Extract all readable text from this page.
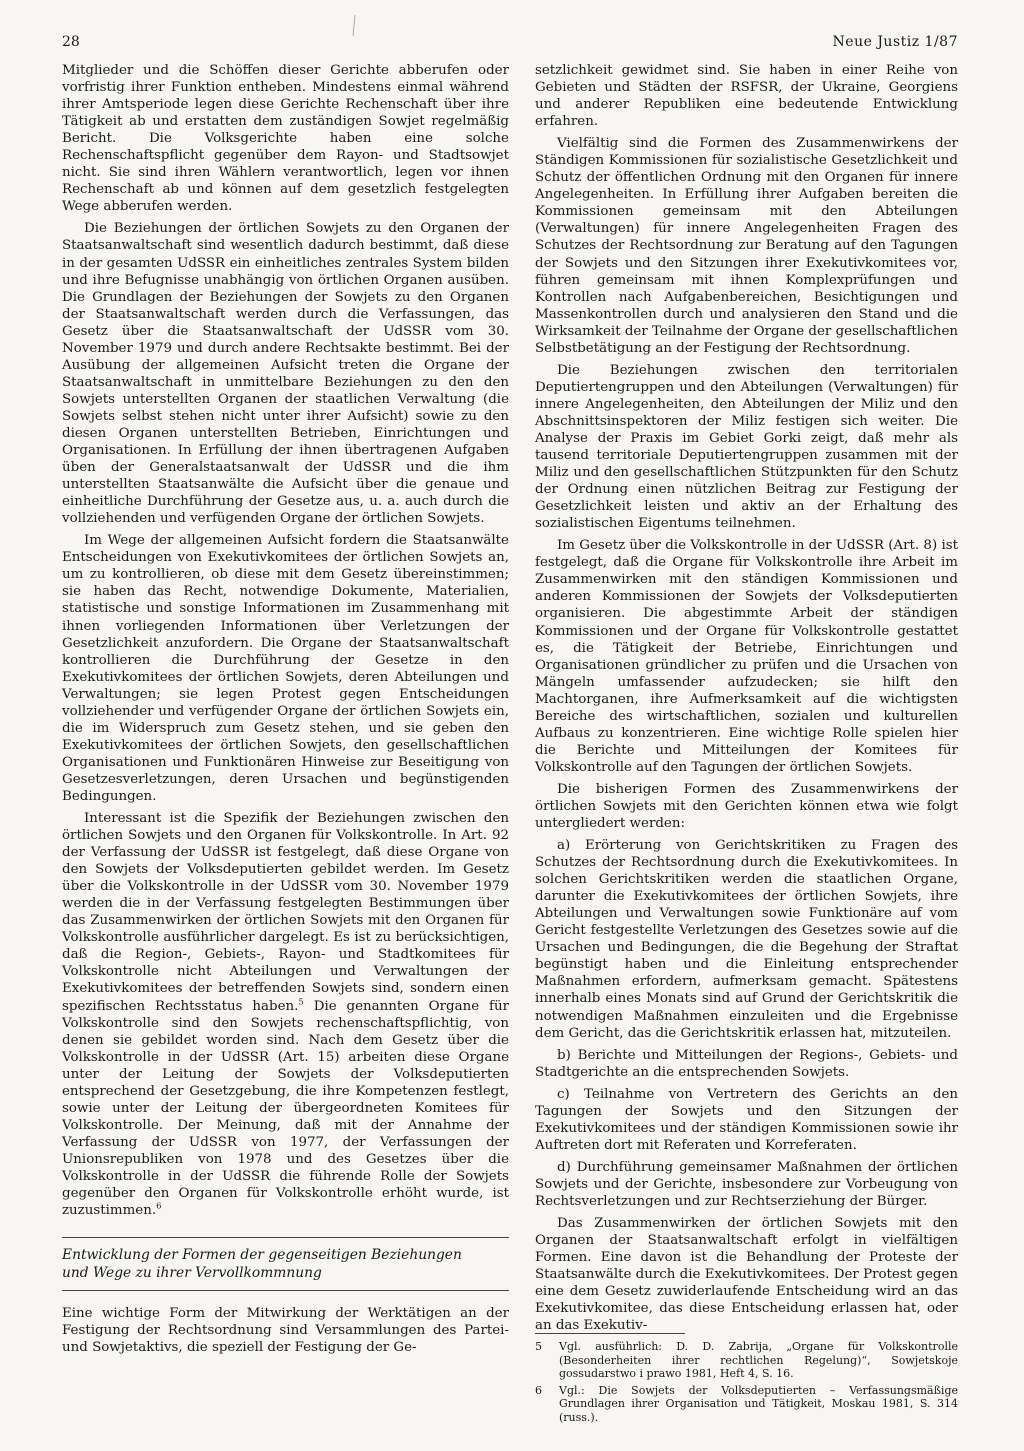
28	Neue Justiz 1/87

Mitglieder und die Schöffen dieser Gerichte abberufen oder vorfristig ihrer Funktion entheben. Mindestens einmal während ihrer Amtsperiode legen diese Gerichte Rechenschaft über ihre Tätigkeit ab und erstatten dem zuständigen Sowjet regelmäßig Bericht. Die Volksgerichte haben eine solche Rechenschaftspflicht gegenüber dem Rayon- und Stadtsowjet nicht. Sie sind ihren Wählern verantwortlich, legen vor ihnen Rechenschaft ab und können auf dem gesetzlich festgelegten Wege abberufen werden.

Die Beziehungen der örtlichen Sowjets zu den Organen der Staatsanwaltschaft sind wesentlich dadurch bestimmt, daß diese in der gesamten UdSSR ein einheitliches zentrales System bilden und ihre Befugnisse unabhängig von örtlichen Organen ausüben. Die Grundlagen der Beziehungen der Sowjets zu den Organen der Staatsanwaltschaft werden durch die Verfassungen, das Gesetz über die Staatsanwaltschaft der UdSSR vom 30. November 1979 und durch andere Rechtsakte bestimmt. Bei der Ausübung der allgemeinen Aufsicht treten die Organe der Staatsanwaltschaft in unmittelbare Beziehungen zu den den Sowjets unterstellten Organen der staatlichen Verwaltung (die Sowjets selbst stehen nicht unter ihrer Aufsicht) sowie zu den diesen Organen unterstellten Betrieben, Einrichtungen und Organisationen. In Erfüllung der ihnen übertragenen Aufgaben üben der Generalstaatsanwalt der UdSSR und die ihm unterstellten Staatsanwälte die Aufsicht über die genaue und einheitliche Durchführung der Gesetze aus, u. a. auch durch die vollziehenden und verfügenden Organe der örtlichen Sowjets.

Im Wege der allgemeinen Aufsicht fordern die Staatsanwälte Entscheidungen von Exekutivkomitees der örtlichen Sowjets an, um zu kontrollieren, ob diese mit dem Gesetz übereinstimmen; sie haben das Recht, notwendige Dokumente, Materialien, statistische und sonstige Informationen im Zusammenhang mit ihnen vorliegenden Informationen über Verletzungen der Gesetzlichkeit anzufordern. Die Organe der Staatsanwaltschaft kontrollieren die Durchführung der Gesetze in den Exekutivkomitees der örtlichen Sowjets, deren Abteilungen und Verwaltungen; sie legen Protest gegen Entscheidungen vollziehender und verfügender Organe der örtlichen Sowjets ein, die im Widerspruch zum Gesetz stehen, und sie geben den Exekutivkomitees der örtlichen Sowjets, den gesellschaftlichen Organisationen und Funktionären Hinweise zur Beseitigung von Gesetzesverletzungen, deren Ursachen und begünstigenden Bedingungen.

Interessant ist die Spezifik der Beziehungen zwischen den örtlichen Sowjets und den Organen für Volkskontrolle. In Art. 92 der Verfassung der UdSSR ist festgelegt, daß diese Organe von den Sowjets der Volksdeputierten gebildet werden. Im Gesetz über die Volkskontrolle in der UdSSR vom 30. November 1979 werden die in der Verfassung festgelegten Bestimmungen über das Zusammenwirken der örtlichen Sowjets mit den Organen für Volkskontrolle ausführlicher dargelegt. Es ist zu berücksichtigen, daß die Region-, Gebiets-, Rayon- und Stadtkomitees für Volkskontrolle nicht Abteilungen und Verwaltungen der Exekutivkomitees der betreffenden Sowjets sind, sondern einen spezifischen Rechtsstatus haben.$^5$ Die genannten Organe für Volkskontrolle sind den Sowjets rechenschaftspflichtig, von denen sie gebildet worden sind. Nach dem Gesetz über die Volkskontrolle in der UdSSR (Art. 15) arbeiten diese Organe unter der Leitung der Sowjets der Volksdeputierten entsprechend der Gesetzgebung, die ihre Kompetenzen festlegt, sowie unter der Leitung der übergeordneten Komitees für Volkskontrolle. Der Meinung, daß mit der Annahme der Verfassung der UdSSR von 1977, der Verfassungen der Unionsrepubliken von 1978 und des Gesetzes über die Volkskontrolle in der UdSSR die führende Rolle der Sowjets gegenüber den Organen für Volkskontrolle erhöht wurde, ist zuzustimmen.$^6$

Entwicklung der Formen der gegenseitigen Beziehungen
und Wege zu ihrer Vervollkommnung

Eine wichtige Form der Mitwirkung der Werktätigen an der Festigung der Rechtsordnung sind Versammlungen des Partei- und Sowjetaktivs, die speziell der Festigung der Ge-

setzlichkeit gewidmet sind. Sie haben in einer Reihe von Gebieten und Städten der RSFSR, der Ukraine, Georgiens und anderer Republiken eine bedeutende Entwicklung erfahren.

Vielfältig sind die Formen des Zusammenwirkens der Ständigen Kommissionen für sozialistische Gesetzlichkeit und Schutz der öffentlichen Ordnung mit den Organen für innere Angelegenheiten. In Erfüllung ihrer Aufgaben bereiten die Kommissionen gemeinsam mit den Abteilungen (Verwaltungen) für innere Angelegenheiten Fragen des Schutzes der Rechtsordnung zur Beratung auf den Tagungen der Sowjets und den Sitzungen ihrer Exekutivkomitees vor, führen gemeinsam mit ihnen Komplexprüfungen und Kontrollen nach Aufgabenbereichen, Besichtigungen und Massenkontrollen durch und analysieren den Stand und die Wirksamkeit der Teilnahme der Organe der gesellschaftlichen Selbstbetätigung an der Festigung der Rechtsordnung.

Die Beziehungen zwischen den territorialen Deputiertengruppen und den Abteilungen (Verwaltungen) für innere Angelegenheiten, den Abteilungen der Miliz und den Abschnittsinspektoren der Miliz festigen sich weiter. Die Analyse der Praxis im Gebiet Gorki zeigt, daß mehr als tausend territoriale Deputiertengruppen zusammen mit der Miliz und den gesellschaftlichen Stützpunkten für den Schutz der Ordnung einen nützlichen Beitrag zur Festigung der Gesetzlichkeit leisten und aktiv an der Erhaltung des sozialistischen Eigentums teilnehmen.

Im Gesetz über die Volkskontrolle in der UdSSR (Art. 8) ist festgelegt, daß die Organe für Volkskontrolle ihre Arbeit im Zusammenwirken mit den ständigen Kommissionen und anderen Kommissionen der Sowjets der Volksdeputierten organisieren. Die abgestimmte Arbeit der ständigen Kommissionen und der Organe für Volkskontrolle gestattet es, die Tätigkeit der Betriebe, Einrichtungen und Organisationen gründlicher zu prüfen und die Ursachen von Mängeln umfassender aufzudecken; sie hilft den Machtorganen, ihre Aufmerksamkeit auf die wichtigsten Bereiche des wirtschaftlichen, sozialen und kulturellen Aufbaus zu konzentrieren. Eine wichtige Rolle spielen hier die Berichte und Mitteilungen der Komitees für Volkskontrolle auf den Tagungen der örtlichen Sowjets.

Die bisherigen Formen des Zusammenwirkens der örtlichen Sowjets mit den Gerichten können etwa wie folgt untergliedert werden:

a) Erörterung von Gerichtskritiken zu Fragen des Schutzes der Rechtsordnung durch die Exekutivkomitees. In solchen Gerichtskritiken werden die staatlichen Organe, darunter die Exekutivkomitees der örtlichen Sowjets, ihre Abteilungen und Verwaltungen sowie Funktionäre auf vom Gericht festgestellte Verletzungen des Gesetzes sowie auf die Ursachen und Bedingungen, die die Begehung der Straftat begünstigt haben und die Einleitung entsprechender Maßnahmen erfordern, aufmerksam gemacht. Spätestens innerhalb eines Monats sind auf Grund der Gerichtskritik die notwendigen Maßnahmen einzuleiten und die Ergebnisse dem Gericht, das die Gerichtskritik erlassen hat, mitzuteilen.

b) Berichte und Mitteilungen der Regions-, Gebiets- und Stadtgerichte an die entsprechenden Sowjets.

c) Teilnahme von Vertretern des Gerichts an den Tagungen der Sowjets und den Sitzungen der Exekutivkomitees und der ständigen Kommissionen sowie ihr Auftreten dort mit Referaten und Korreferaten.

d) Durchführung gemeinsamer Maßnahmen der örtlichen Sowjets und der Gerichte, insbesondere zur Vorbeugung von Rechtsverletzungen und zur Rechtserziehung der Bürger.

Das Zusammenwirken der örtlichen Sowjets mit den Organen der Staatsanwaltschaft erfolgt in vielfältigen Formen. Eine davon ist die Behandlung der Proteste der Staatsanwälte durch die Exekutivkomitees. Der Protest gegen eine dem Gesetz zuwiderlaufende Entscheidung wird an das Exekutivkomitee, das diese Entscheidung erlassen hat, oder an das Exekutiv-

5 Vgl. ausführlich: D. D. Zabrija, „Organe für Volkskontrolle (Besonderheiten ihrer rechtlichen Regelung)“, Sowjetskoje gossudarstwo i prawo 1981, Heft 4, S. 16.
6 Vgl.: Die Sowjets der Volksdeputierten – Verfassungsmäßige Grundlagen ihrer Organisation und Tätigkeit, Moskau 1981, S. 314 (russ.).
